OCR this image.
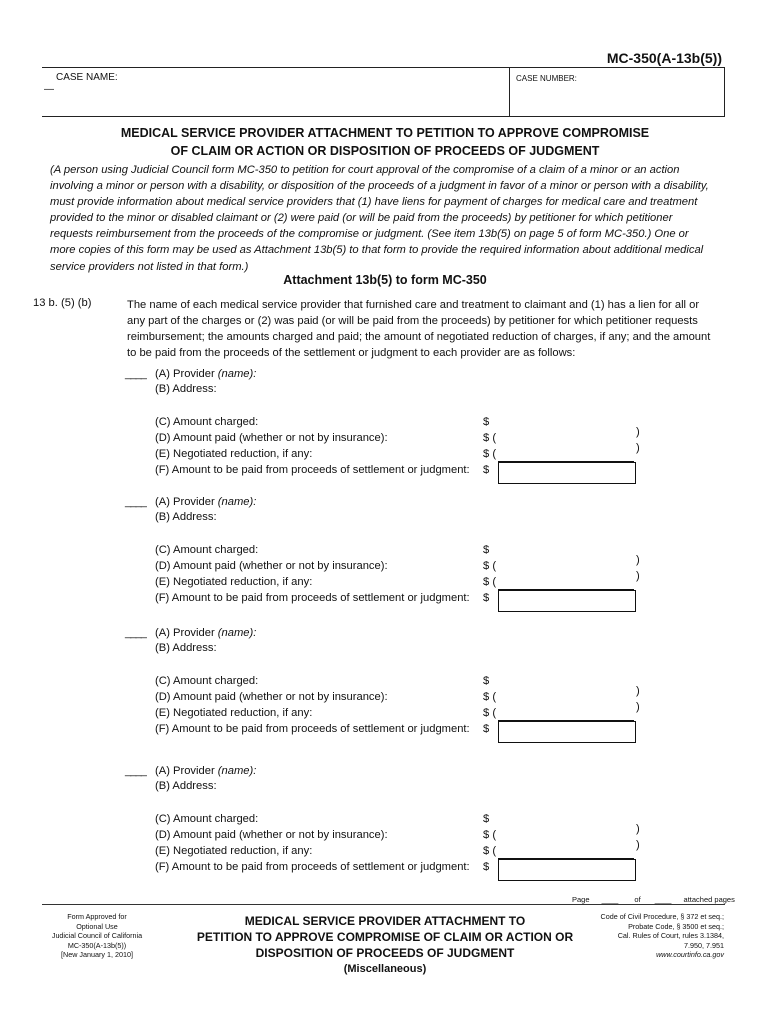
MC-350(A-13b(5))
CASE NAME:
—
CASE NUMBER:
MEDICAL SERVICE PROVIDER ATTACHMENT TO PETITION TO APPROVE COMPROMISE
OF CLAIM OR ACTION OR DISPOSITION OF PROCEEDS OF JUDGMENT
(A person using Judicial Council form MC-350 to petition for court approval of the compromise of a claim of a minor or an action
involving a minor or person with a disability, or disposition of the proceeds of a judgment in favor of a minor or person with a disability,
must provide information about medical service providers that (1) have liens for payment of charges for medical care and treatment
provided to the minor or disabled claimant or (2) were paid (or will be paid from the proceeds) by petitioner for which petitioner
requests reimbursement from the proceeds of the compromise or judgment. (See item 13b(5) on page 5 of form MC-350.) One or
more copies of this form may be used as Attachment 13b(5) to that form to provide the required information about additional medical
service providers not listed in that form.)
Attachment 13b(5) to form MC-350
13 b. (5) (b)	The name of each medical service provider that furnished care and treatment to claimant and (1) has a lien for all or
any part of the charges or (2) was paid (or will be paid from the proceeds) by petitioner for which petitioner requests
reimbursement; the amounts charged and paid; the amount of negotiated reduction of charges, if any; and the amount
to be paid from the proceeds of the settlement or judgment to each provider are as follows:
____ (A) Provider (name):
(B) Address:
(C) Amount charged:
(D) Amount paid (whether or not by insurance):
(E) Negotiated reduction, if any:
(F) Amount to be paid from proceeds of settlement or judgment:
$
$ (
$ (
$
)
)
____ (A) Provider (name):
(B) Address:
(C) Amount charged:
(D) Amount paid (whether or not by insurance):
(E) Negotiated reduction, if any:
(F) Amount to be paid from proceeds of settlement or judgment:
$
$ (
$ (
$
)
)
____ (A) Provider (name):
(B) Address:
(C) Amount charged:
(D) Amount paid (whether or not by insurance):
(E) Negotiated reduction, if any:
(F) Amount to be paid from proceeds of settlement or judgment:
$
$ (
$ (
$
)
)
____ (A) Provider (name):
(B) Address:
(C) Amount charged:
(D) Amount paid (whether or not by insurance):
(E) Negotiated reduction, if any:
(F) Amount to be paid from proceeds of settlement or judgment:
$
$ (
$ (
$
)
)
Page ____ of ____ attached pages
Form Approved for
Optional Use
Judicial Council of California
MC-350(A-13b(5))
[New January 1, 2010]
MEDICAL SERVICE PROVIDER ATTACHMENT TO
PETITION TO APPROVE COMPROMISE OF CLAIM OR ACTION OR
DISPOSITION OF PROCEEDS OF JUDGMENT
(Miscellaneous)
Code of Civil Procedure, § 372 et seq.;
Probate Code, § 3500 et seq.;
Cal. Rules of Court, rules 3.1384,
7.950, 7.951
www.courtinfo.ca.gov
